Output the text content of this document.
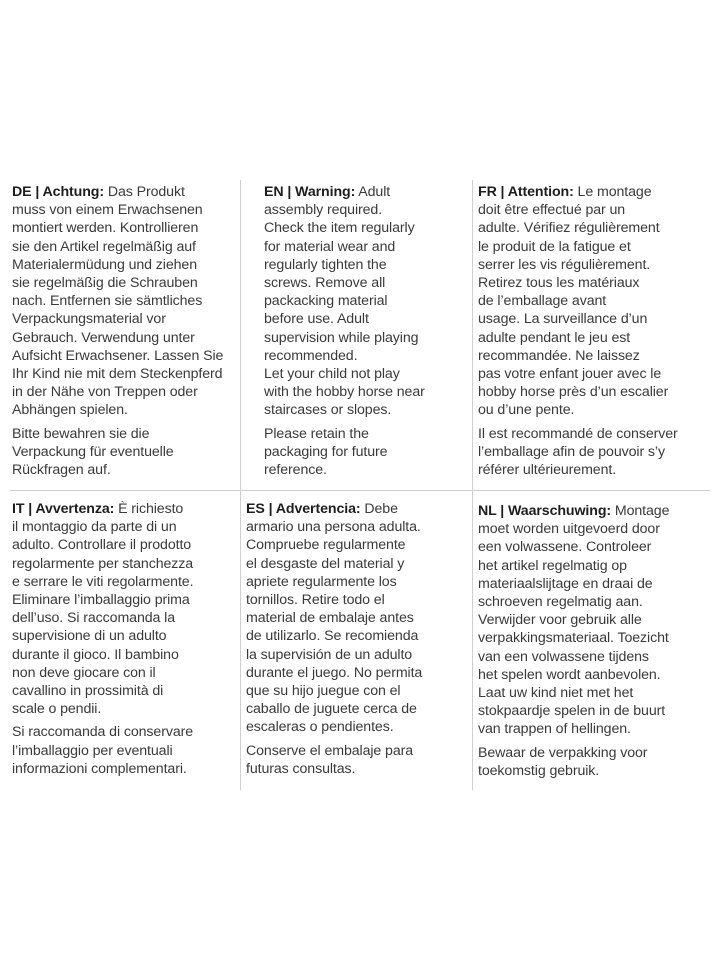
DE | Achtung: Das Produkt
muss von einem Erwachsenen
montiert werden. Kontrollieren
sie den Artikel regelmäßig auf
Materialermüdung und ziehen
sie regelmäßig die Schrauben
nach. Entfernen sie sämtliches
Verpackungsmaterial vor
Gebrauch. Verwendung unter
Aufsicht Erwachsener. Lassen Sie
Ihr Kind nie mit dem Steckenpferd
in der Nähe von Treppen oder
Abhängen spielen.

Bitte bewahren sie die
Verpackung für eventuelle
Rückfragen auf.

EN | Warning: Adult
assembly required.
Check the item regularly
for material wear and
regularly tighten the
screws. Remove all
packacking material
before use. Adult
supervision while playing
recommended.
Let your child not play
with the hobby horse near
staircases or slopes.

Please retain the
packaging for future
reference.

FR | Attention: Le montage
doit être effectué par un
adulte. Vérifiez régulièrement
le produit de la fatigue et
serrer les vis régulièrement.
Retirez tous les matériaux
de l’emballage avant
usage. La surveillance d’un
adulte pendant le jeu est
recommandée. Ne laissez
pas votre enfant jouer avec le
hobby horse près d’un escalier
ou d’une pente.

Il est recommandé de conserver
l’emballage afin de pouvoir s’y
référer ultérieurement.

IT | Avvertenza: È richiesto
il montaggio da parte di un
adulto. Controllare il prodotto
regolarmente per stanchezza
e serrare le viti regolarmente.
Eliminare l’imballaggio prima
dell’uso. Si raccomanda la
supervisione di un adulto
durante il gioco. Il bambino
non deve giocare con il
cavallino in prossimità di
scale o pendii.

Si raccomanda di conservare
l’imballaggio per eventuali
informazioni complementari.

ES | Advertencia: Debe
armario una persona adulta.
Compruebe regularmente
el desgaste del material y
apriete regularmente los
tornillos. Retire todo el
material de embalaje antes
de utilizarlo. Se recomienda
la supervisión de un adulto
durante el juego. No permita
que su hijo juegue con el
caballo de juguete cerca de
escaleras o pendientes.

Conserve el embalaje para
futuras consultas.

NL | Waarschuwing: Montage
moet worden uitgevoerd door
een volwassene. Controleer
het artikel regelmatig op
materiaalslijtage en draai de
schroeven regelmatig aan.
Verwijder voor gebruik alle
verpakkingsmateriaal. Toezicht
van een volwassene tijdens
het spelen wordt aanbevolen.
Laat uw kind niet met het
stokpaardje spelen in de buurt
van trappen of hellingen.

Bewaar de verpakking voor
toekomstig gebruik.
